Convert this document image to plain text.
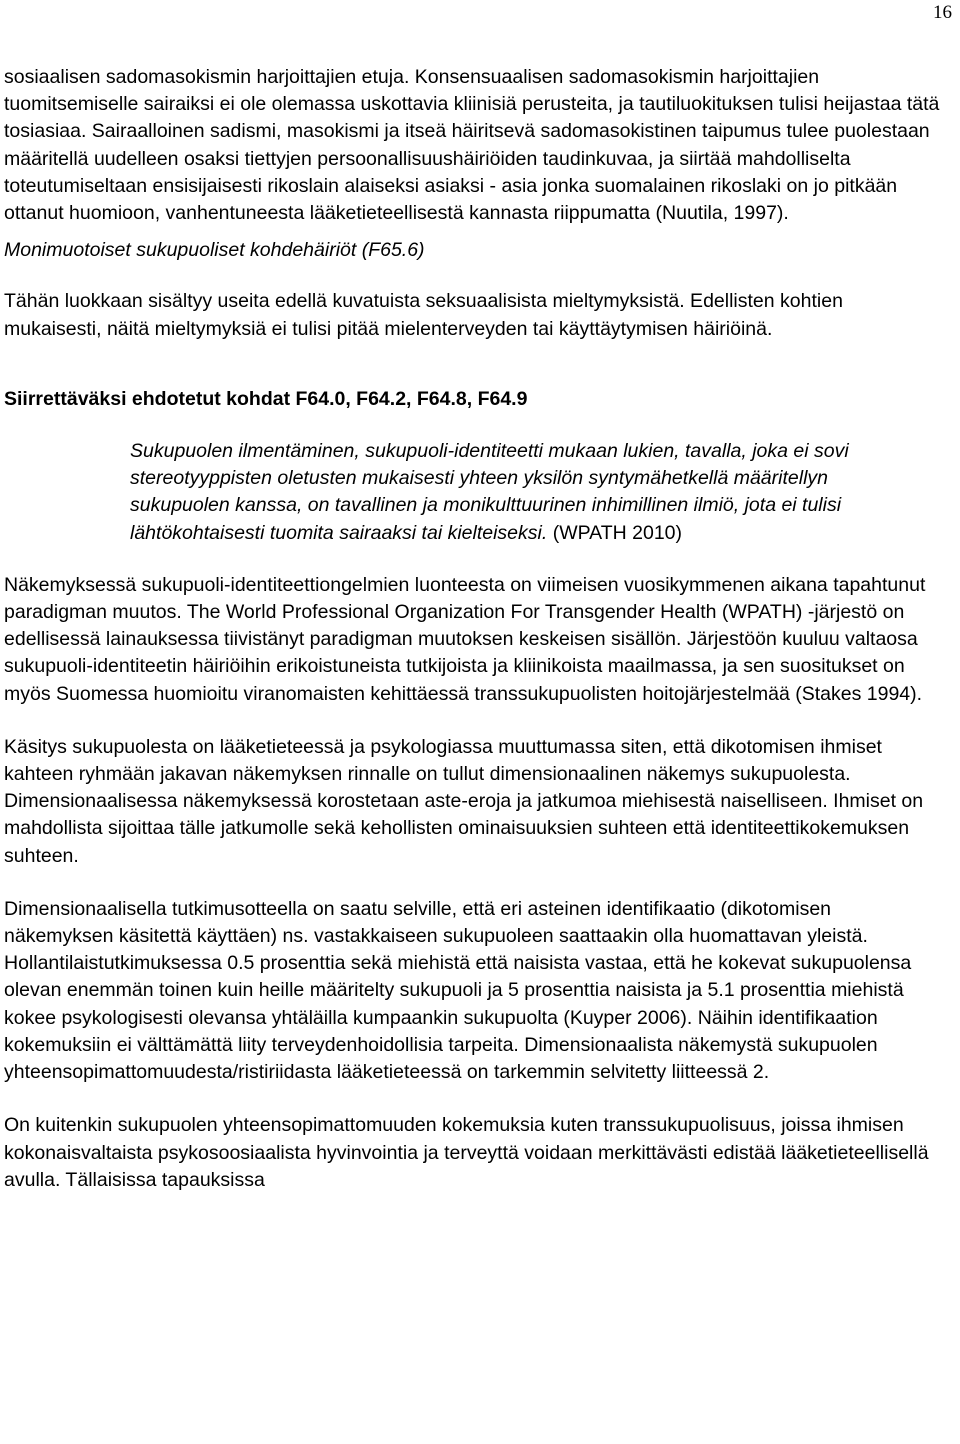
16

sosiaalisen sadomasokismin harjoittajien etuja. Konsensuaalisen sadomasokismin harjoittajien tuomitsemiselle sairaiksi ei ole olemassa uskottavia kliinisiä perusteita, ja tautiluokituksen tulisi heijastaa tätä tosiasiaa. Sairaalloinen sadismi, masokismi ja itseä häiritsevä sadomasokistinen taipumus tulee puolestaan määritellä uudelleen osaksi tiettyjen persoonallisuushäiriöiden taudinkuvaa, ja siirtää mahdolliselta toteutumiseltaan ensisijaisesti rikoslain alaiseksi asiaksi - asia jonka suomalainen rikoslaki on jo pitkään ottanut huomioon, vanhentuneesta lääketieteellisestä kannasta riippumatta (Nuutila, 1997).

Monimuotoiset sukupuoliset kohdehäiriöt (F65.6)

Tähän luokkaan sisältyy useita edellä kuvatuista seksuaalisista mieltymyksistä. Edellisten kohtien mukaisesti, näitä mieltymyksiä ei tulisi pitää mielenterveyden tai käyttäytymisen häiriöinä.

Siirrettäväksi ehdotetut kohdat F64.0, F64.2, F64.8, F64.9

Sukupuolen ilmentäminen, sukupuoli-identiteetti mukaan lukien, tavalla, joka ei sovi stereotyyppisten oletusten mukaisesti yhteen yksilön syntymähetkellä määritellyn sukupuolen kanssa, on tavallinen ja monikulttuurinen inhimillinen ilmiö, jota ei tulisi lähtökohtaisesti tuomita sairaaksi tai kielteiseksi. (WPATH 2010)

Näkemyksessä sukupuoli-identiteettiongelmien luonteesta on viimeisen vuosikymmenen aikana tapahtunut paradigman muutos. The World Professional Organization For Transgender Health (WPATH) -järjestö on edellisessä lainauksessa tiivistänyt paradigman muutoksen keskeisen sisällön. Järjestöön kuuluu valtaosa sukupuoli-identiteetin häiriöihin erikoistuneista tutkijoista ja kliinikoista maailmassa, ja sen suositukset on myös Suomessa huomioitu viranomaisten kehittäessä transsukupuolisten hoitojärjestelmää (Stakes 1994).

Käsitys sukupuolesta on lääketieteessä ja psykologiassa muuttumassa siten, että dikotomisen ihmiset kahteen ryhmään jakavan näkemyksen rinnalle on tullut dimensionaalinen näkemys sukupuolesta. Dimensionaalisessa näkemyksessä korostetaan aste-eroja ja jatkumoa miehisestä naiselliseen. Ihmiset on mahdollista sijoittaa tälle jatkumolle sekä kehollisten ominaisuuksien suhteen että identiteettikokemuksen suhteen.

Dimensionaalisella tutkimusotteella on saatu selville, että eri asteinen identifikaatio (dikotomisen näkemyksen käsitettä käyttäen) ns. vastakkaiseen sukupuoleen saattaakin olla huomattavan yleistä. Hollantilaistutkimuksessa 0.5 prosenttia sekä miehistä että naisista vastaa, että he kokevat sukupuolensa olevan enemmän toinen kuin heille määritelty sukupuoli ja 5 prosenttia naisista ja 5.1 prosenttia miehistä kokee psykologisesti olevansa yhtäläilla kumpaankin sukupuolta (Kuyper 2006). Näihin identifikaation kokemuksiin ei välttämättä liity terveydenhoidollisia tarpeita. Dimensionaalista näkemystä sukupuolen yhteensopimattomuudesta/ristiriidasta lääketieteessä on tarkemmin selvitetty liitteessä 2.

On kuitenkin sukupuolen yhteensopimattomuuden kokemuksia kuten transsukupuolisuus, joissa ihmisen kokonaisvaltaista psykosoosiaalista hyvinvointia ja terveyttä voidaan merkittävästi edistää lääketieteellisellä avulla. Tällaisissa tapauksissa
